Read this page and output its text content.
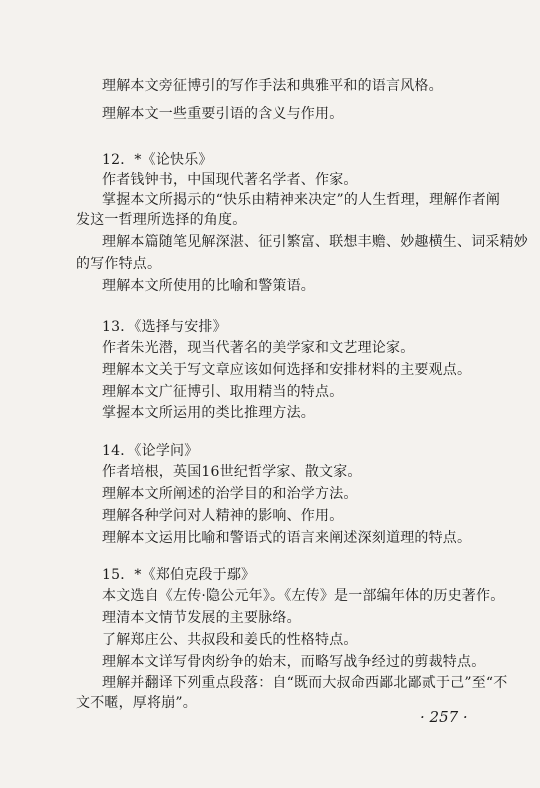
理解本文旁征博引的写作手法和典雅平和的语言风格。
理解本文一些重要引语的含义与作用。
12．*《论快乐》
作者钱钟书，中国现代著名学者、作家。
掌握本文所揭示的“快乐由精神来决定”的人生哲理，理解作者阐
发这一哲理所选择的角度。
理解本篇随笔见解深湛、征引繁富、联想丰赡、妙趣横生、词采精妙
的写作特点。
理解本文所使用的比喻和警策语。
13．《选择与安排》
作者朱光潜，现当代著名的美学家和文艺理论家。
理解本文关于写文章应该如何选择和安排材料的主要观点。
理解本文广征博引、取用精当的特点。
掌握本文所运用的类比推理方法。
14．《论学问》
作者培根，英国16世纪哲学家、散文家。
理解本文所阐述的治学目的和治学方法。
理解各种学问对人精神的影响、作用。
理解本文运用比喻和警语式的语言来阐述深刻道理的特点。
15．*《郑伯克段于鄢》
本文选自《左传·隐公元年》。《左传》是一部编年体的历史著作。
理清本文情节发展的主要脉络。
了解郑庄公、共叔段和姜氏的性格特点。
理解本文详写骨肉纷争的始末，而略写战争经过的剪裁特点。
理解并翻译下列重点段落：自“既而大叔命西鄙北鄙贰于己”至“不
文不暱，厚将崩”。
· 257 ·
